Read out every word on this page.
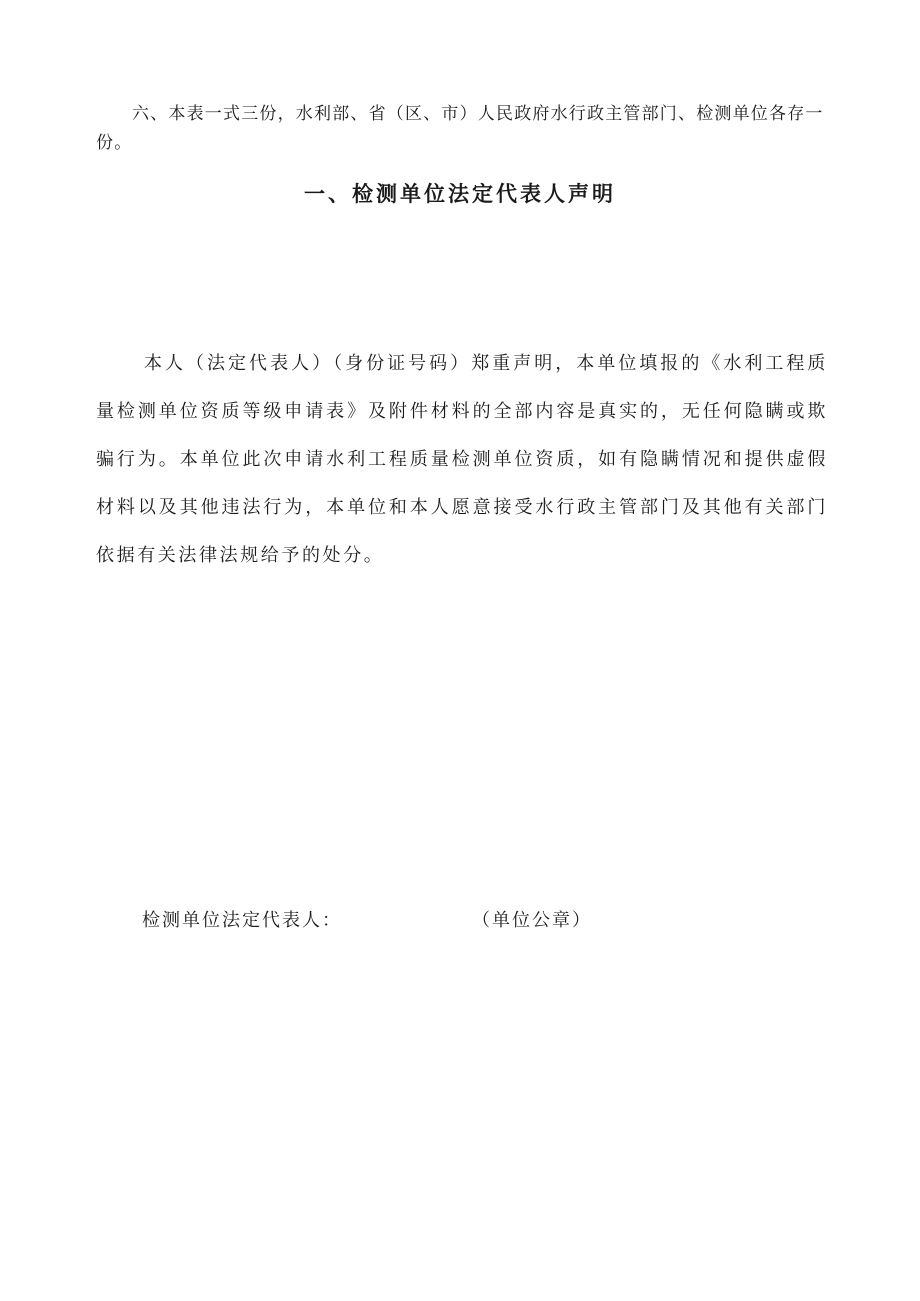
六、本表一式三份，水利部、省（区、市）人民政府水行政主管部门、检测单位各存一份。

一、检测单位法定代表人声明

本人（法定代表人）（身份证号码）郑重声明，本单位填报的《水利工程质量检测单位资质等级申请表》及附件材料的全部内容是真实的，无任何隐瞒或欺骗行为。本单位此次申请水利工程质量检测单位资质，如有隐瞒情况和提供虚假材料以及其他违法行为，本单位和本人愿意接受水行政主管部门及其他有关部门依据有关法律法规给予的处分。

检测单位法定代表人：	（单位公章）
